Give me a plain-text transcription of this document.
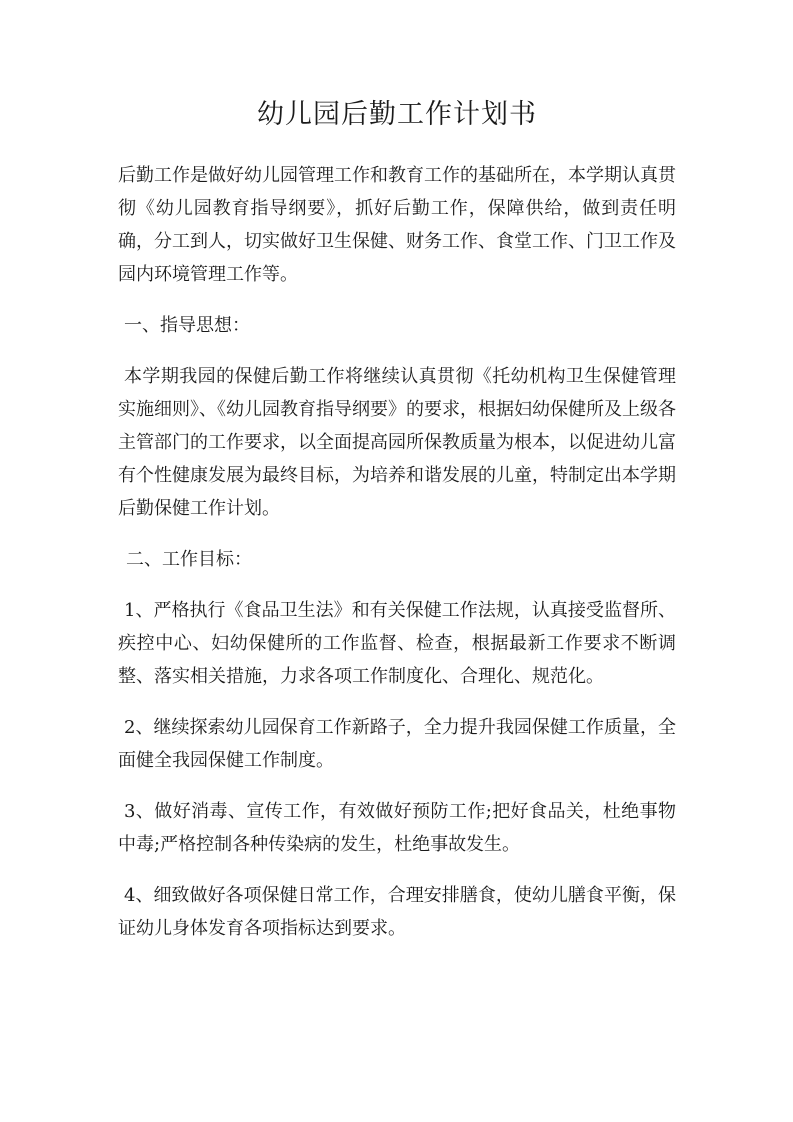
幼儿园后勤工作计划书

后勤工作是做好幼儿园管理工作和教育工作的基础所在，本学期认真贯彻《幼儿园教育指导纲要》，抓好后勤工作，保障供给，做到责任明确，分工到人，切实做好卫生保健、财务工作、食堂工作、门卫工作及园内环境管理工作等。

一、指导思想：

本学期我园的保健后勤工作将继续认真贯彻《托幼机构卫生保健管理实施细则》、《幼儿园教育指导纲要》的要求，根据妇幼保健所及上级各主管部门的工作要求，以全面提高园所保教质量为根本，以促进幼儿富有个性健康发展为最终目标，为培养和谐发展的儿童，特制定出本学期后勤保健工作计划。

二、工作目标：

1、严格执行《食品卫生法》和有关保健工作法规，认真接受监督所、疾控中心、妇幼保健所的工作监督、检查，根据最新工作要求不断调整、落实相关措施，力求各项工作制度化、合理化、规范化。

2、继续探索幼儿园保育工作新路子，全力提升我园保健工作质量，全面健全我园保健工作制度。

3、做好消毒、宣传工作，有效做好预防工作;把好食品关，杜绝事物中毒;严格控制各种传染病的发生，杜绝事故发生。

4、细致做好各项保健日常工作，合理安排膳食，使幼儿膳食平衡，保证幼儿身体发育各项指标达到要求。
